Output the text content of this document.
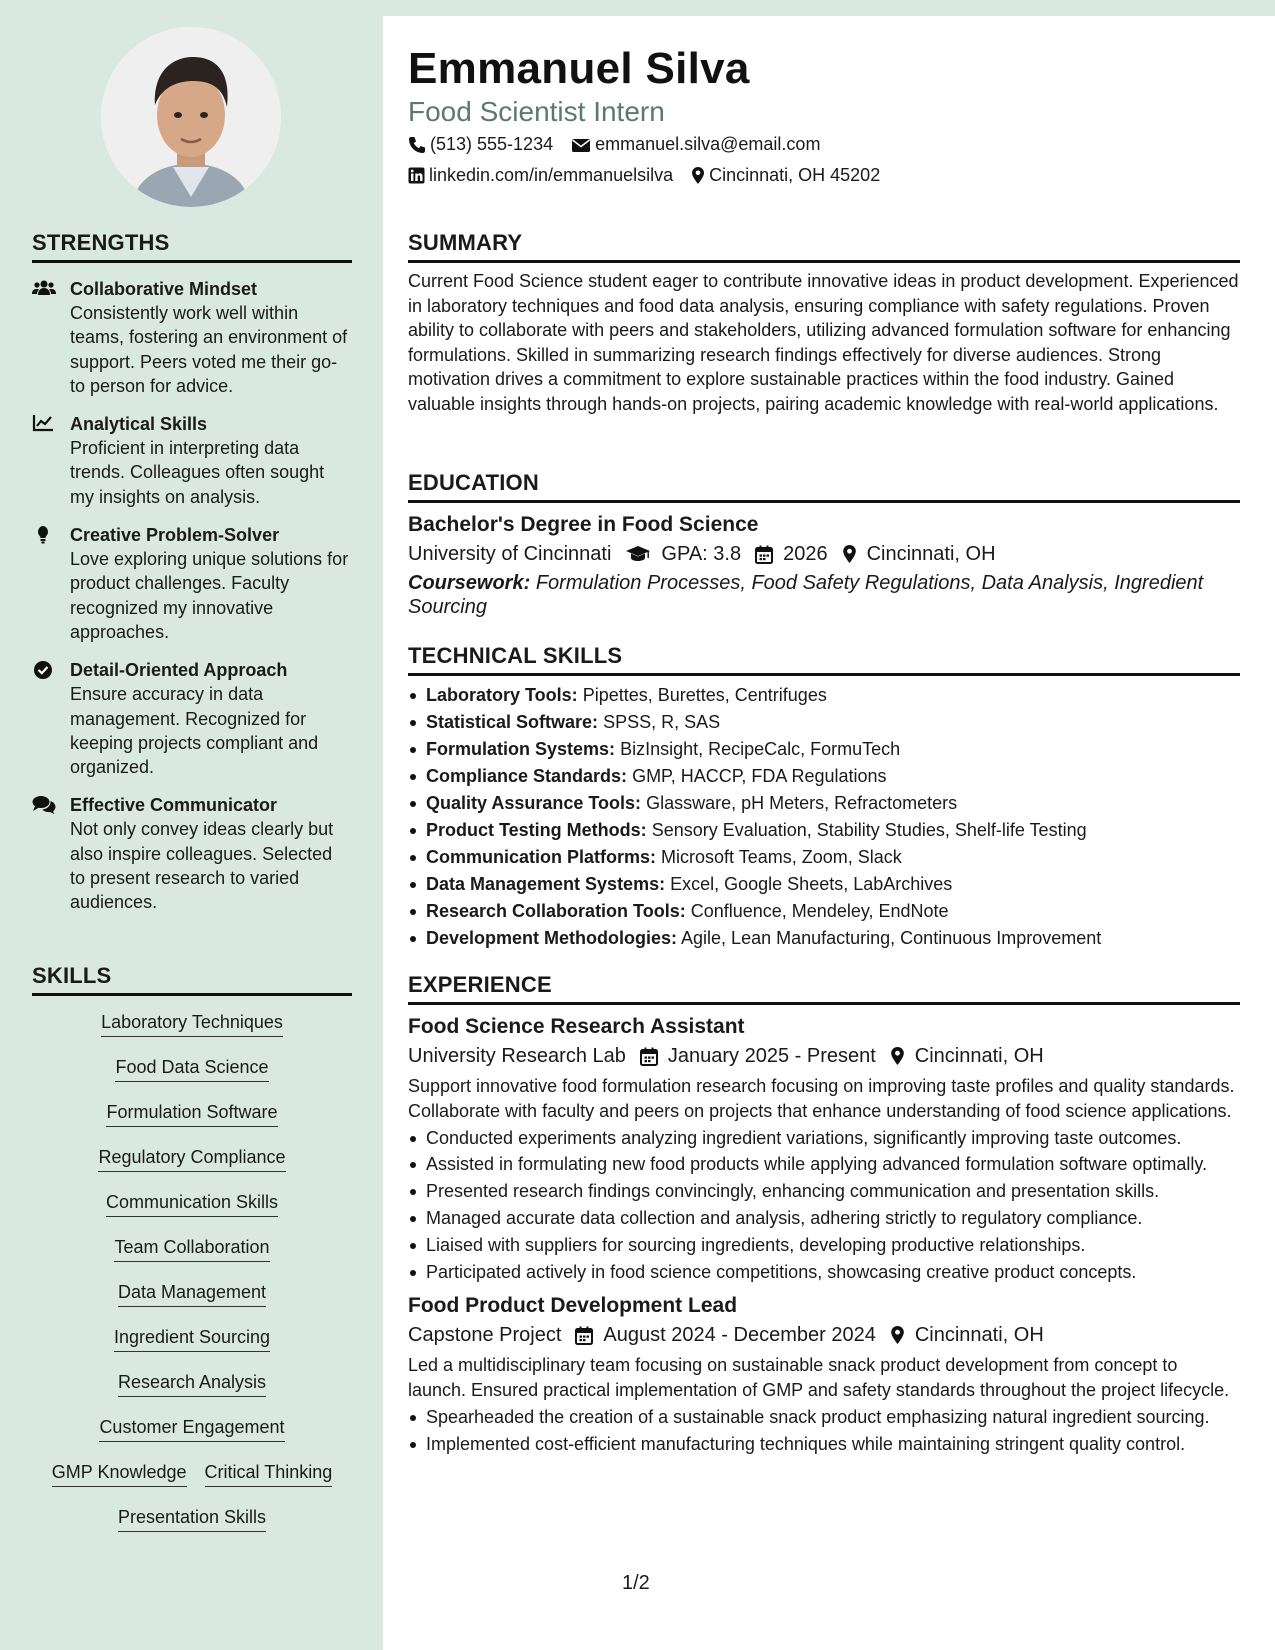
STRENGTHS
Collaborative Mindset
Consistently work well within teams, fostering an environment of support. Peers voted me their go-to person for advice.
Analytical Skills
Proficient in interpreting data trends. Colleagues often sought my insights on analysis.
Creative Problem-Solver
Love exploring unique solutions for product challenges. Faculty recognized my innovative approaches.
Detail-Oriented Approach
Ensure accuracy in data management. Recognized for keeping projects compliant and organized.
Effective Communicator
Not only convey ideas clearly but also inspire colleagues. Selected to present research to varied audiences.
SKILLS
Laboratory Techniques
Food Data Science
Formulation Software
Regulatory Compliance
Communication Skills
Team Collaboration
Data Management
Ingredient Sourcing
Research Analysis
Customer Engagement
GMP Knowledge Critical Thinking
Presentation Skills
Emmanuel Silva
Food Scientist Intern
(513) 555-1234 emmanuel.silva@email.com
linkedin.com/in/emmanuelsilva Cincinnati, OH 45202
SUMMARY
Current Food Science student eager to contribute innovative ideas in product development. Experienced in laboratory techniques and food data analysis, ensuring compliance with safety regulations. Proven ability to collaborate with peers and stakeholders, utilizing advanced formulation software for enhancing formulations. Skilled in summarizing research findings effectively for diverse audiences. Strong motivation drives a commitment to explore sustainable practices within the food industry. Gained valuable insights through hands-on projects, pairing academic knowledge with real-world applications.
EDUCATION
Bachelor's Degree in Food Science
University of Cincinnati	GPA: 3.8 2026 Cincinnati, OH
Coursework: Formulation Processes, Food Safety Regulations, Data Analysis, Ingredient Sourcing
TECHNICAL SKILLS
Laboratory Tools: Pipettes, Burettes, Centrifuges
Statistical Software: SPSS, R, SAS
Formulation Systems: BizInsight, RecipeCalc, FormuTech
Compliance Standards: GMP, HACCP, FDA Regulations
Quality Assurance Tools: Glassware, pH Meters, Refractometers
Product Testing Methods: Sensory Evaluation, Stability Studies, Shelf-life Testing
Communication Platforms: Microsoft Teams, Zoom, Slack
Data Management Systems: Excel, Google Sheets, LabArchives
Research Collaboration Tools: Confluence, Mendeley, EndNote
Development Methodologies: Agile, Lean Manufacturing, Continuous Improvement
EXPERIENCE
Food Science Research Assistant
University Research Lab January 2025 - Present Cincinnati, OH
Support innovative food formulation research focusing on improving taste profiles and quality standards. Collaborate with faculty and peers on projects that enhance understanding of food science applications.
Conducted experiments analyzing ingredient variations, significantly improving taste outcomes.
Assisted in formulating new food products while applying advanced formulation software optimally.
Presented research findings convincingly, enhancing communication and presentation skills.
Managed accurate data collection and analysis, adhering strictly to regulatory compliance.
Liaised with suppliers for sourcing ingredients, developing productive relationships.
Participated actively in food science competitions, showcasing creative product concepts.
Food Product Development Lead
Capstone Project August 2024 - December 2024 Cincinnati, OH
Led a multidisciplinary team focusing on sustainable snack product development from concept to launch. Ensured practical implementation of GMP and safety standards throughout the project lifecycle.
Spearheaded the creation of a sustainable snack product emphasizing natural ingredient sourcing.
Implemented cost-efficient manufacturing techniques while maintaining stringent quality control.
1/2
